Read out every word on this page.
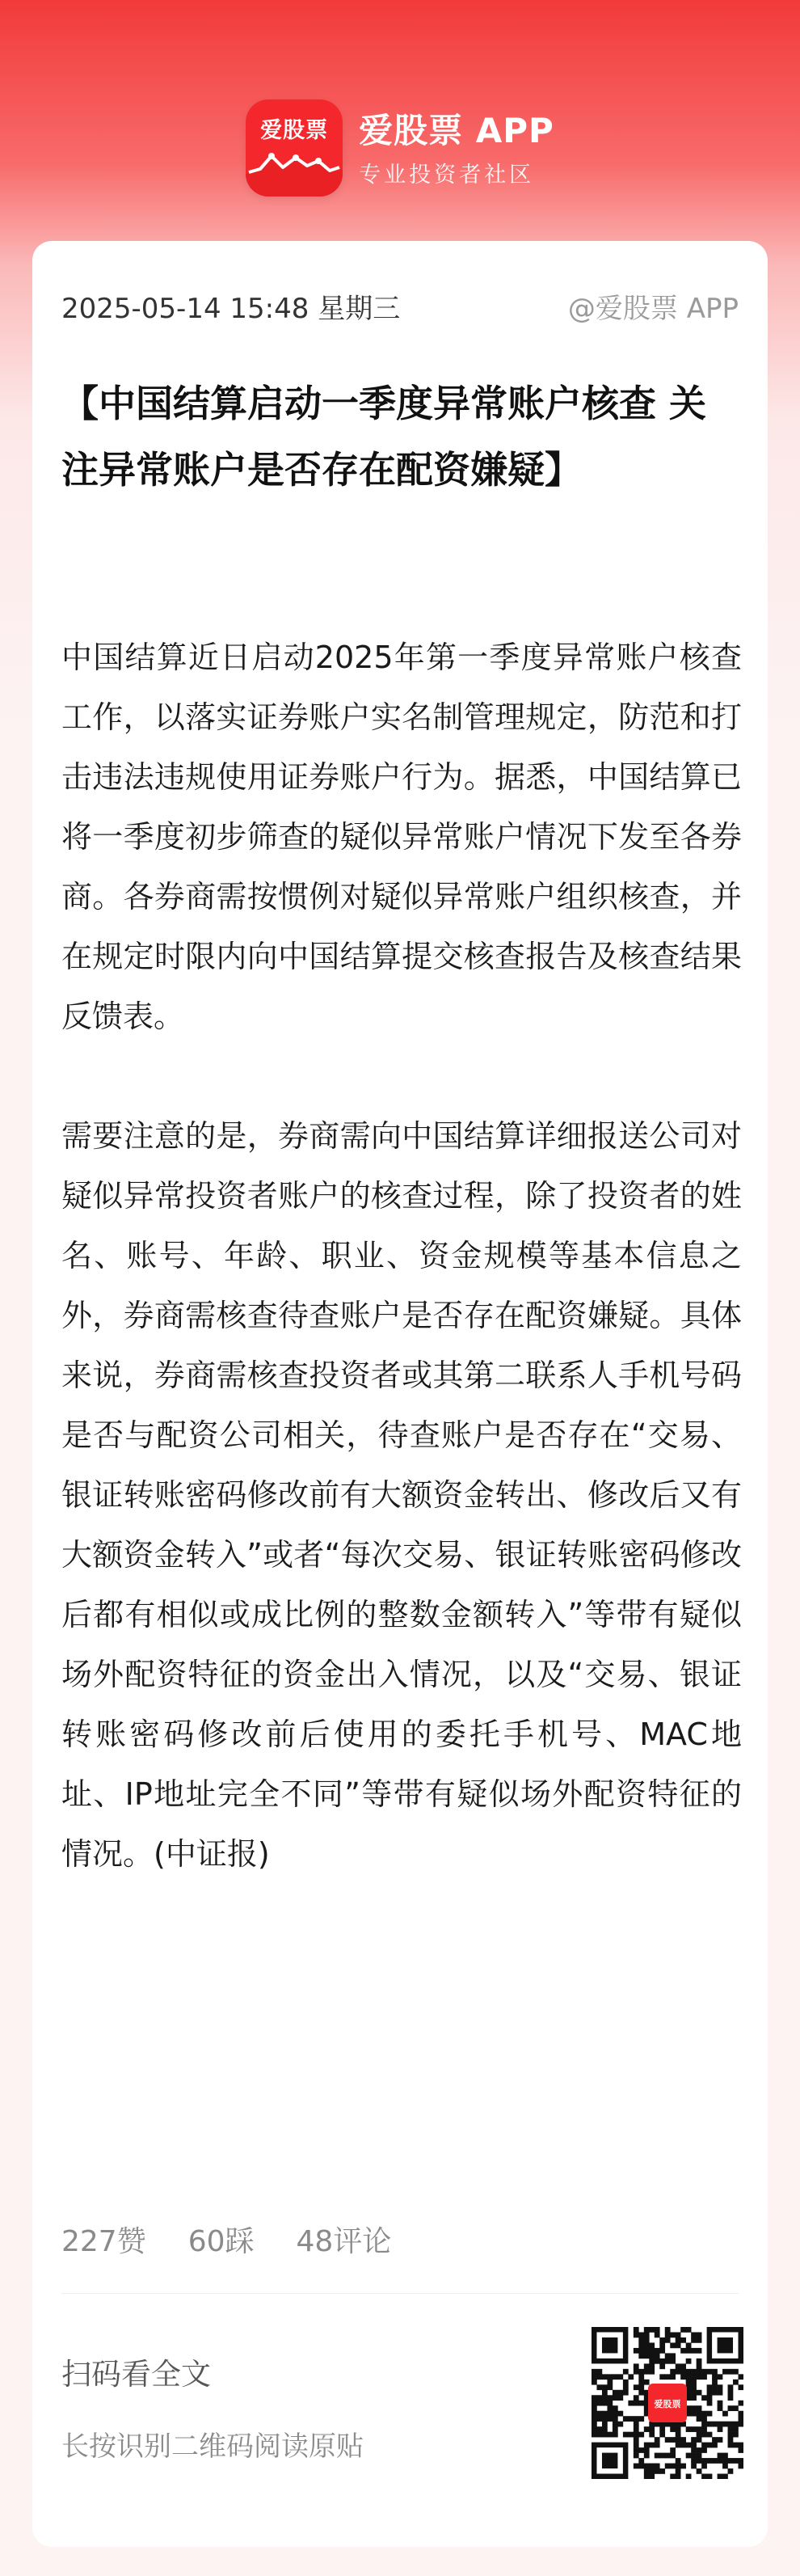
爱股票 爱股票 APP
专业投资者社区
2025-05-14 15:48 星期三	@爱股票 APP
【中国结算启动一季度异常账户核查 关注异常账户是否存在配资嫌疑】

中国结算近日启动2025年第一季度异常账户核查工作，以落实证券账户实名制管理规定，防范和打击违法违规使用证券账户行为。据悉，中国结算已将一季度初步筛查的疑似异常账户情况下发至各券商。各券商需按惯例对疑似异常账户组织核查，并在规定时限内向中国结算提交核查报告及核查结果反馈表。

需要注意的是，券商需向中国结算详细报送公司对疑似异常投资者账户的核查过程，除了投资者的姓名、账号、年龄、职业、资金规模等基本信息之外，券商需核查待查账户是否存在配资嫌疑。具体来说，券商需核查投资者或其第二联系人手机号码是否与配资公司相关，待查账户是否存在“交易、银证转账密码修改前有大额资金转出、修改后又有大额资金转入”或者“每次交易、银证转账密码修改后都有相似或成比例的整数金额转入”等带有疑似场外配资特征的资金出入情况，以及“交易、银证转账密码修改前后使用的委托手机号、MAC地址、IP地址完全不同”等带有疑似场外配资特征的情况。(中证报)

227赞 60踩 48评论
扫码看全文
长按识别二维码阅读原贴
爱股票
